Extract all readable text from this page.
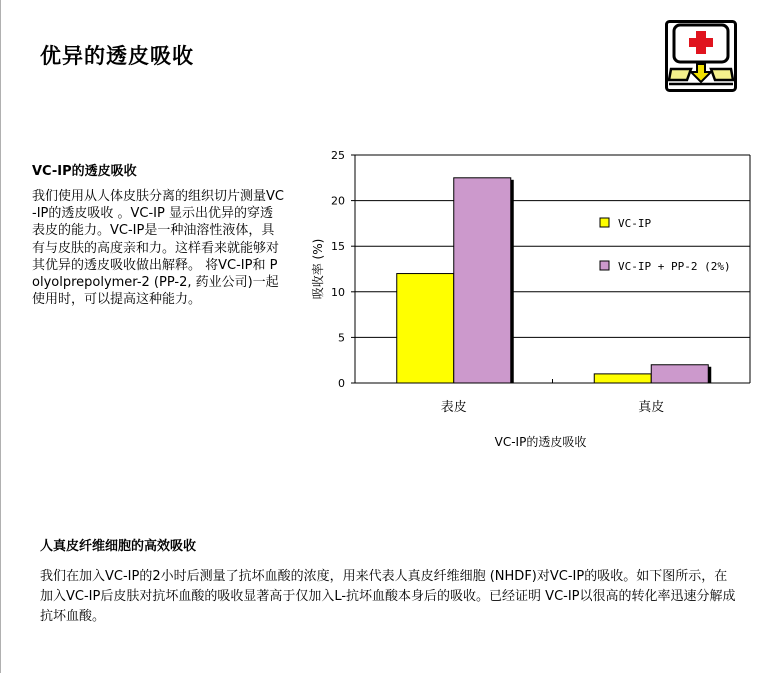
优异的透皮吸收
VC-IP的透皮吸收
我们使用从人体皮肤分离的组织切片测量VC-IP的透皮吸收 。VC-IP 显示出优异的穿透表皮的能力。VC-IP是一种油溶性液体，具有与皮肤的高度亲和力。这样看来就能够对其优异的透皮吸收做出解释。 将VC-IP和 Polyolprepolymer-2 (PP-2, 药业公司)一起使用时，可以提高这种能力。
0
5
10
15
20
25
表皮	真皮
VC-IP
VC-IP + PP-2 (2%)
吸收率 (%)
VC-IP的透皮吸收
人真皮纤维细胞的高效吸收
我们在加入VC-IP的2小时后测量了抗坏血酸的浓度，用来代表人真皮纤维细胞 (NHDF)对VC-IP的吸收。如下图所示，在加入VC-IP后皮肤对抗坏血酸的吸收显著高于仅加入L-抗坏血酸本身后的吸收。已经证明 VC-IP以很高的转化率迅速分解成抗坏血酸。
